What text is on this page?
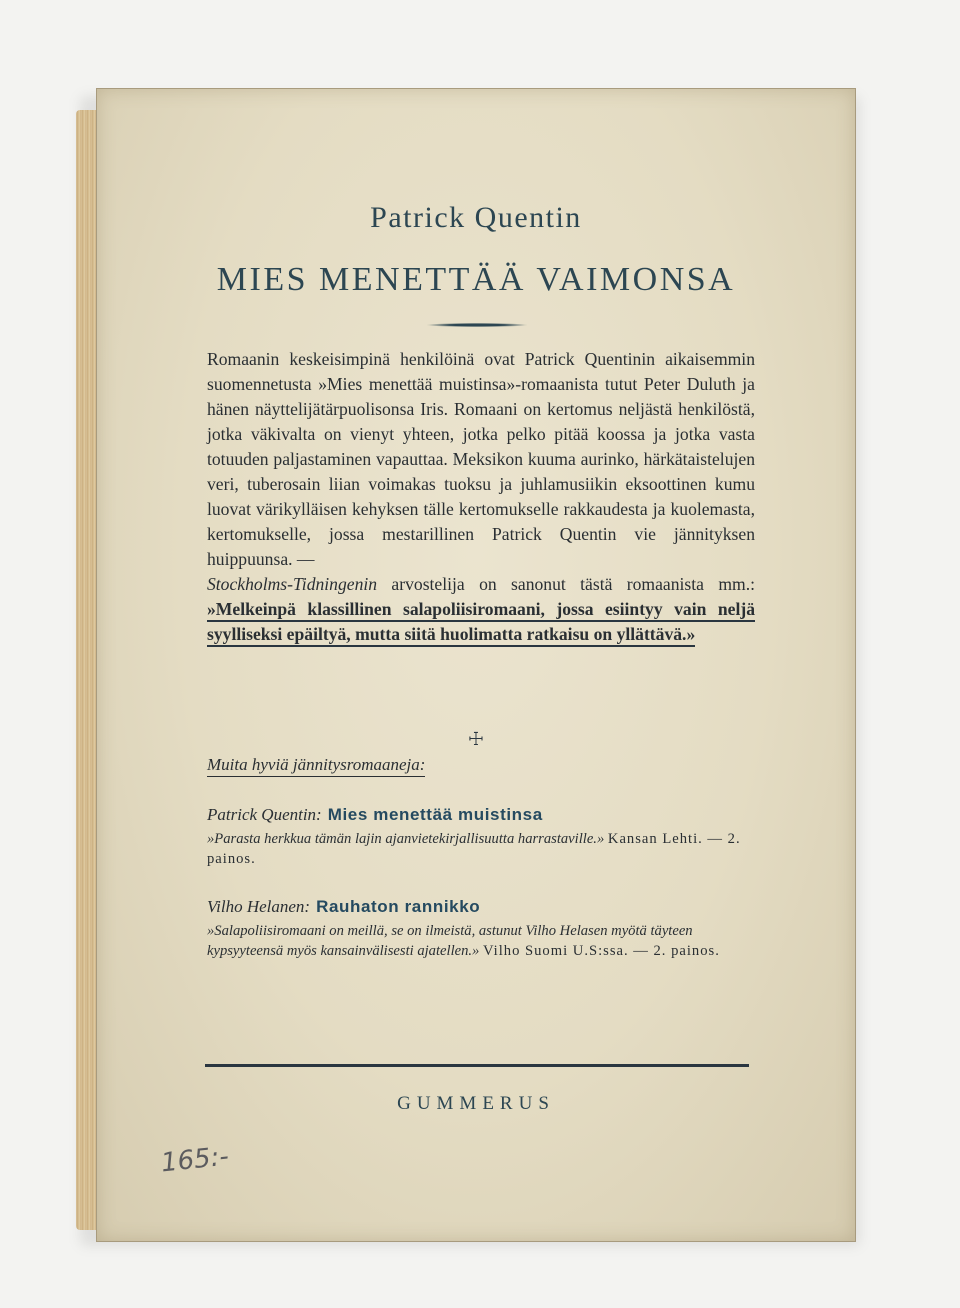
Patrick Quentin
MIES MENETTÄÄ VAIMONSA

Romaanin keskeisimpinä henkilöinä ovat Patrick Quentinin aikaisemmin suomennetusta »Mies menettää muistinsa»-romaanista tutut Peter Duluth ja hänen näyttelijätärpuolisonsa Iris. Romaani on kertomus neljästä henkilöstä, jotka väkivalta on vienyt yhteen, jotka pelko pitää koossa ja jotka vasta totuuden paljastaminen vapauttaa. Meksikon kuuma aurinko, härkätaistelujen veri, tuberosain liian voimakas tuoksu ja juhlamusiikin eksoottinen kumu luovat värikylläisen kehyksen tälle kertomukselle rakkaudesta ja kuolemasta, kertomukselle, jossa mestarillinen Patrick Quentin vie jännityksen huippuunsa. —

Stockholms-Tidningenin arvostelija on sanonut tästä romaanista mm.: »Melkeinpä klassillinen salapoliisiromaani, jossa esiintyy vain neljä syylliseksi epäiltyä, mutta siitä huolimatta ratkaisu on yllättävä.»

☩
Muita hyviä jännitysromaaneja:
Patrick Quentin: Mies menettää muistinsa
»Parasta herkkua tämän lajin ajanvietekirjallisuutta harrastaville.» Kansan Lehti. — 2. painos.
Vilho Helanen: Rauhaton rannikko
»Salapoliisiromaani on meillä, se on ilmeistä, astunut Vilho Helasen myötä täyteen kypsyyteensä myös kansainvälisesti ajatellen.» Vilho Suomi U.S:ssa. — 2. painos.
GUMMERUS
165:-
